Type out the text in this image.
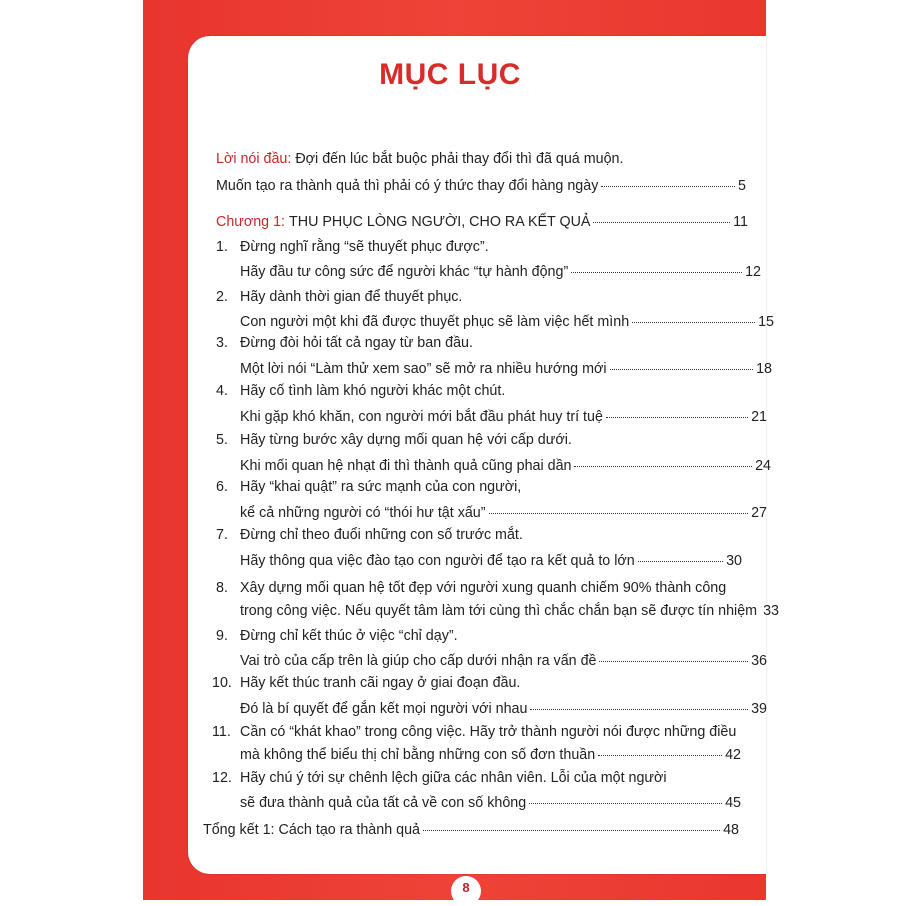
MỤC LỤC
Lời nói đầu: Đợi đến lúc bắt buộc phải thay đổi thì đã quá muộn.
Muốn tạo ra thành quả thì phải có ý thức thay đổi hàng ngày	5
Chương 1: THU PHỤC LÒNG NGƯỜI, CHO RA KẾT QUẢ	11
1. Đừng nghĩ rằng “sẽ thuyết phục được”.
Hãy đầu tư công sức để người khác “tự hành động”	12
2. Hãy dành thời gian để thuyết phục.
Con người một khi đã được thuyết phục sẽ làm việc hết mình	15
3. Đừng đòi hỏi tất cả ngay từ ban đầu.
Một lời nói “Làm thử xem sao” sẽ mở ra nhiều hướng mới	18
4. Hãy cố tình làm khó người khác một chút.
Khi gặp khó khăn, con người mới bắt đầu phát huy trí tuệ	21
5. Hãy từng bước xây dựng mối quan hệ với cấp dưới.
Khi mối quan hệ nhạt đi thì thành quả cũng phai dần	24
6. Hãy “khai quật” ra sức mạnh của con người,
kể cả những người có “thói hư tật xấu”	27
7. Đừng chỉ theo đuổi những con số trước mắt.
Hãy thông qua việc đào tạo con người để tạo ra kết quả to lớn	30
8. Xây dựng mối quan hệ tốt đẹp với người xung quanh chiếm 90% thành công
trong công việc. Nếu quyết tâm làm tới cùng thì chắc chắn bạn sẽ được tín nhiệm 33
9. Đừng chỉ kết thúc ở việc “chỉ dạy”.
Vai trò của cấp trên là giúp cho cấp dưới nhận ra vấn đề	36
10. Hãy kết thúc tranh cãi ngay ở giai đoạn đầu.
Đó là bí quyết để gắn kết mọi người với nhau	39
11. Cần có “khát khao” trong công việc. Hãy trở thành người nói được những điều
mà không thể biểu thị chỉ bằng những con số đơn thuần	42
12. Hãy chú ý tới sự chênh lệch giữa các nhân viên. Lỗi của một người
sẽ đưa thành quả của tất cả về con số không	45
Tổng kết 1: Cách tạo ra thành quả	48
8
